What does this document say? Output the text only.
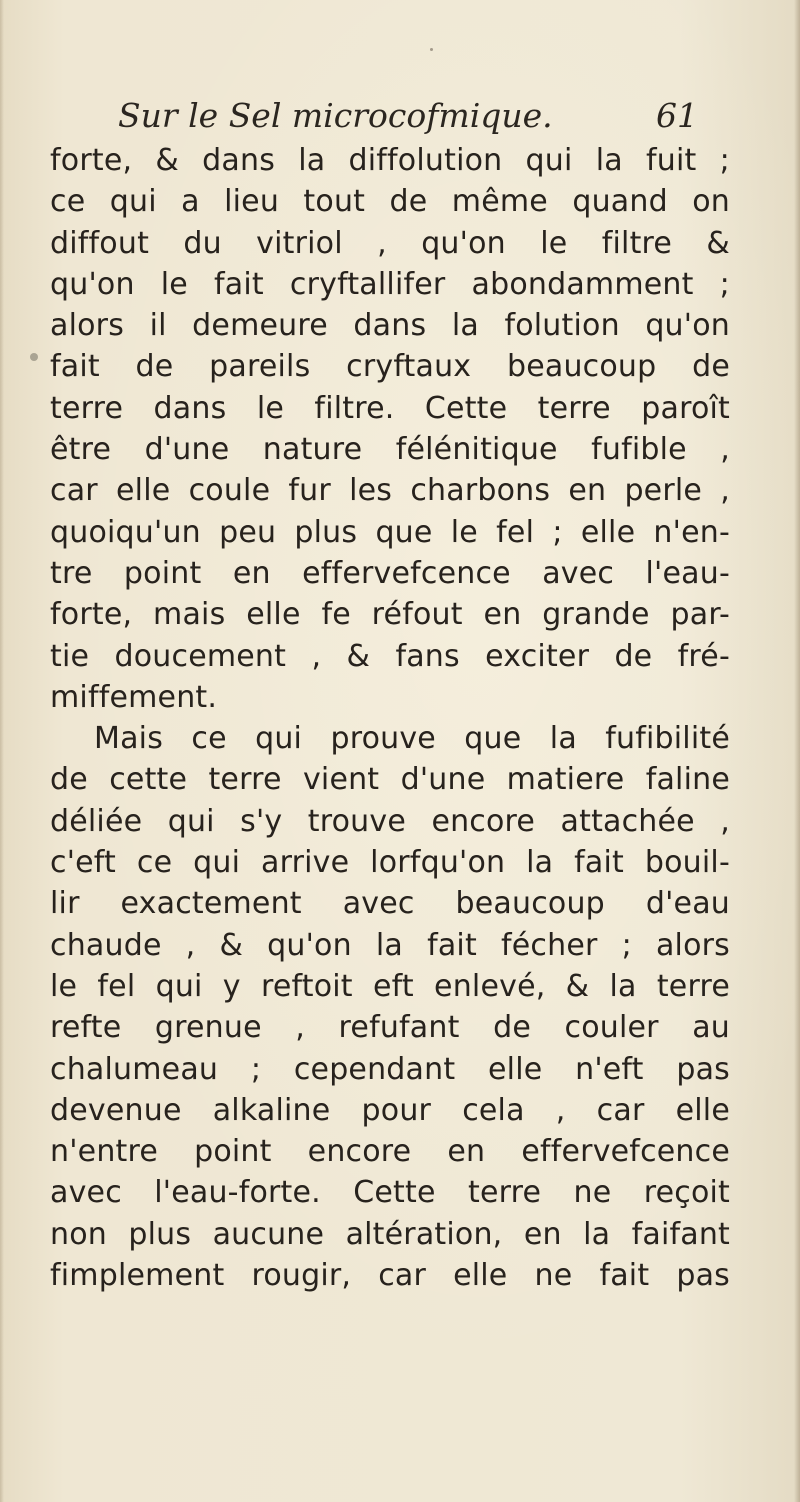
Sur le Sel microcofmique.	61
forte, & dans la diffolution qui la fuit ;
ce qui a lieu tout de même quand on
diffout du vitriol , qu'on le filtre &
qu'on le fait cryftallifer abondamment ;
alors il demeure dans la folution qu'on
fait de pareils cryftaux beaucoup de
terre dans le filtre. Cette terre paroît
être d'une nature félénitique fufible ,
car elle coule fur les charbons en perle ,
quoiqu'un peu plus que le fel ; elle n'en-
tre point en effervefcence avec l'eau-
forte, mais elle fe réfout en grande par-
tie doucement , & fans exciter de fré-
miffement.
Mais ce qui prouve que la fufibilité
de cette terre vient d'une matiere faline
déliée qui s'y trouve encore attachée ,
c'eft ce qui arrive lorfqu'on la fait bouil-
lir exactement avec beaucoup d'eau
chaude , & qu'on la fait fécher ; alors
le fel qui y reftoit eft enlevé, & la terre
refte grenue , refufant de couler au
chalumeau ; cependant elle n'eft pas
devenue alkaline pour cela , car elle
n'entre point encore en effervefcence
avec l'eau-forte. Cette terre ne reçoit
non plus aucune altération, en la faifant
fimplement rougir, car elle ne fait pas
